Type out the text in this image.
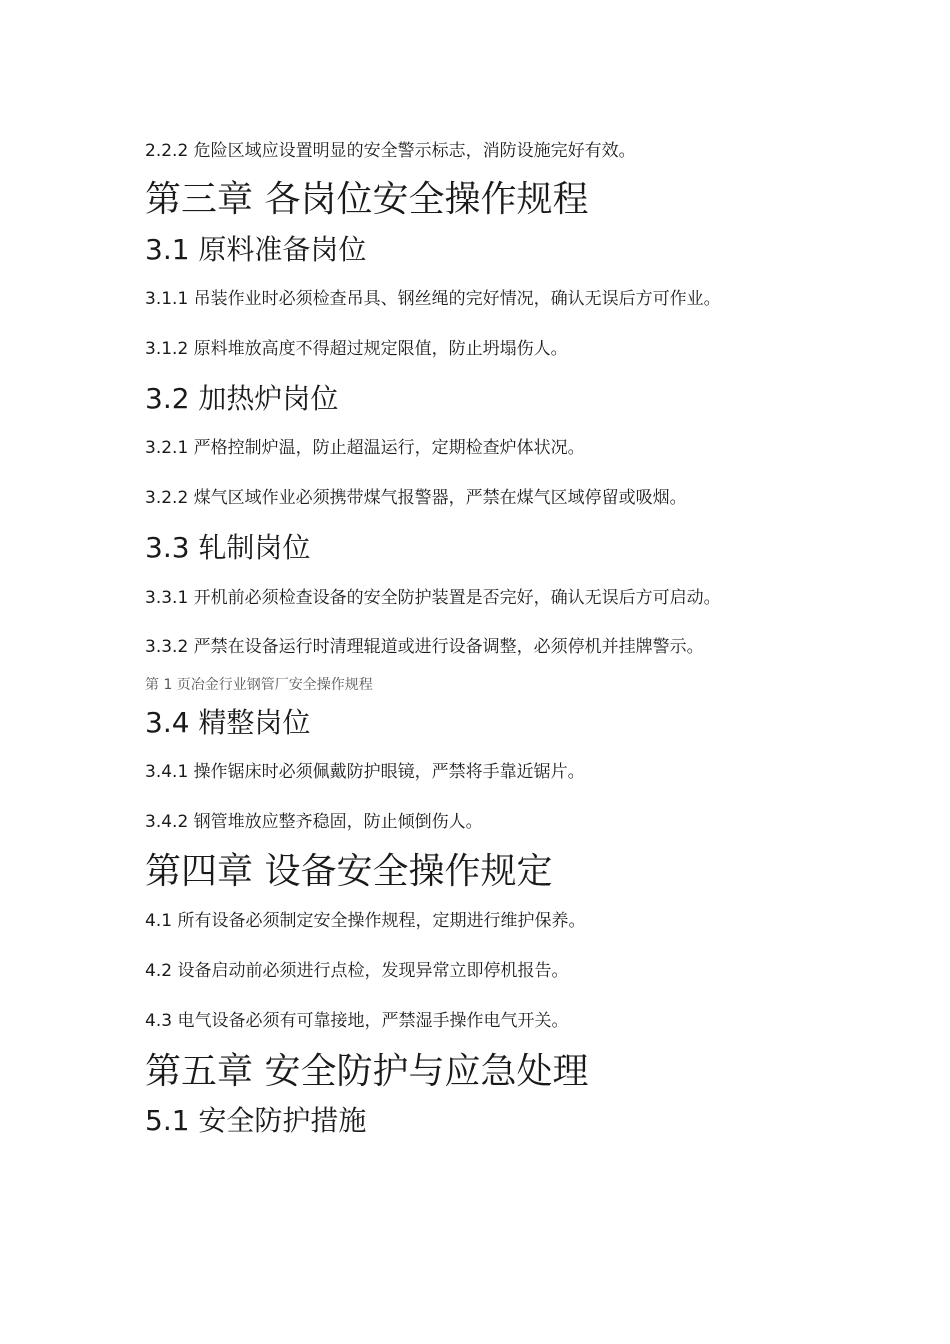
2.2.2 危险区域应设置明显的安全警示标志，消防设施完好有效。
第三章 各岗位安全操作规程
3.1 原料准备岗位
3.1.1 吊装作业时必须检查吊具、钢丝绳的完好情况，确认无误后方可作业。
3.1.2 原料堆放高度不得超过规定限值，防止坍塌伤人。
3.2 加热炉岗位
3.2.1 严格控制炉温，防止超温运行，定期检查炉体状况。
3.2.2 煤气区域作业必须携带煤气报警器，严禁在煤气区域停留或吸烟。
3.3 轧制岗位
3.3.1 开机前必须检查设备的安全防护装置是否完好，确认无误后方可启动。
3.3.2 严禁在设备运行时清理辊道或进行设备调整，必须停机并挂牌警示。
第 1 页冶金行业钢管厂安全操作规程
3.4 精整岗位
3.4.1 操作锯床时必须佩戴防护眼镜，严禁将手靠近锯片。
3.4.2 钢管堆放应整齐稳固，防止倾倒伤人。
第四章 设备安全操作规定
4.1 所有设备必须制定安全操作规程，定期进行维护保养。
4.2 设备启动前必须进行点检，发现异常立即停机报告。
4.3 电气设备必须有可靠接地，严禁湿手操作电气开关。
第五章 安全防护与应急处理
5.1 安全防护措施
